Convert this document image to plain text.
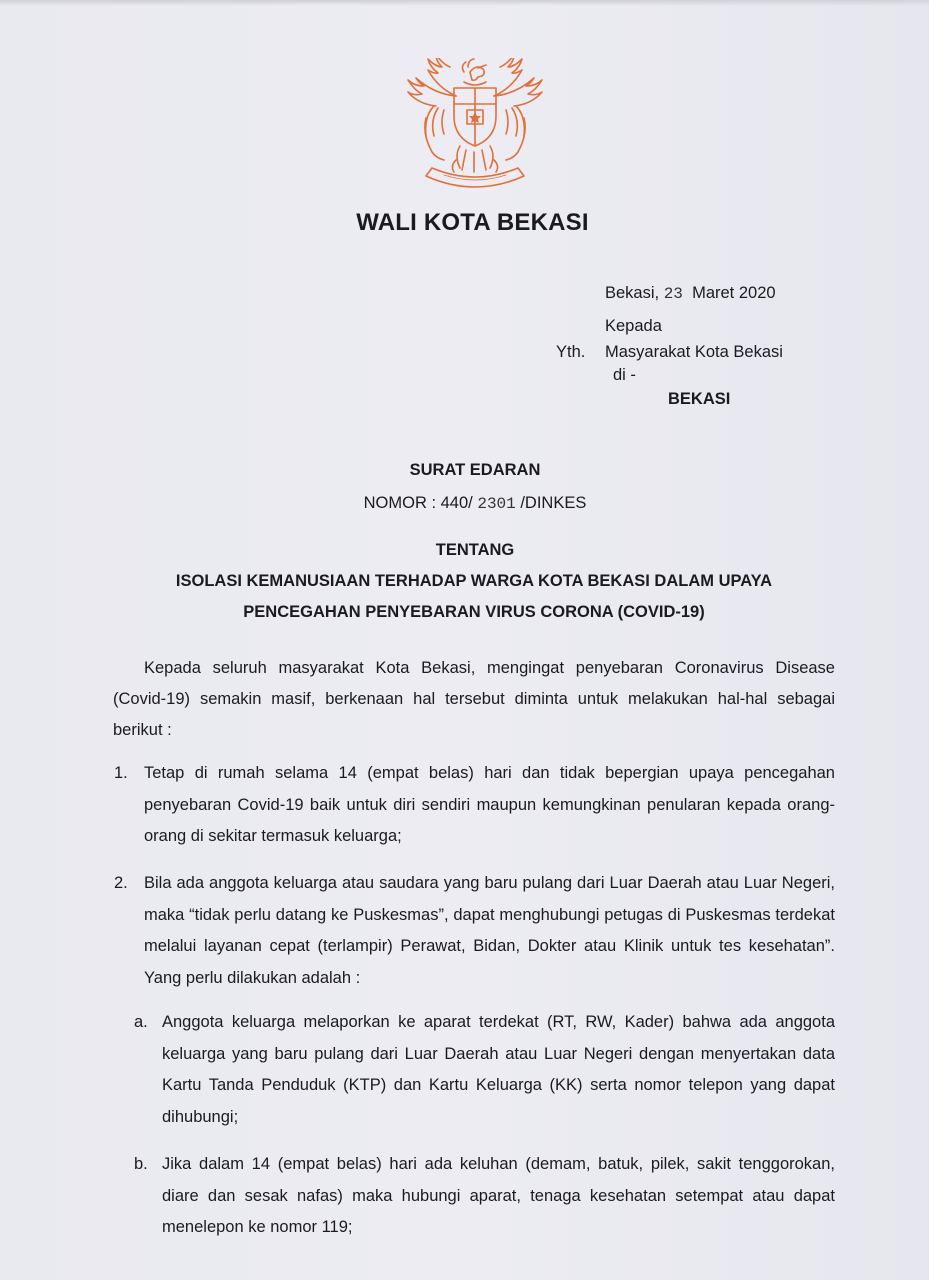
WALI KOTA BEKASI
Bekasi, 23 Maret 2020
Kepada
Yth. Masyarakat Kota Bekasi
di -
BEKASI
SURAT EDARAN
NOMOR : 440/ 2301 /DINKES
TENTANG
ISOLASI KEMANUSIAAN TERHADAP WARGA KOTA BEKASI DALAM UPAYA
PENCEGAHAN PENYEBARAN VIRUS CORONA (COVID-19)

Kepada seluruh masyarakat Kota Bekasi, mengingat penyebaran Coronavirus Disease (Covid-19) semakin masif, berkenaan hal tersebut diminta untuk melakukan hal-hal sebagai berikut :

1. Tetap di rumah selama 14 (empat belas) hari dan tidak bepergian upaya pencegahan penyebaran Covid-19 baik untuk diri sendiri maupun kemungkinan penularan kepada orang-orang di sekitar termasuk keluarga;

2. Bila ada anggota keluarga atau saudara yang baru pulang dari Luar Daerah atau Luar Negeri, maka “tidak perlu datang ke Puskesmas”, dapat menghubungi petugas di Puskesmas terdekat melalui layanan cepat (terlampir) Perawat, Bidan, Dokter atau Klinik untuk tes kesehatan”. Yang perlu dilakukan adalah :

a. Anggota keluarga melaporkan ke aparat terdekat (RT, RW, Kader) bahwa ada anggota keluarga yang baru pulang dari Luar Daerah atau Luar Negeri dengan menyertakan data Kartu Tanda Penduduk (KTP) dan Kartu Keluarga (KK) serta nomor telepon yang dapat dihubungi;

b. Jika dalam 14 (empat belas) hari ada keluhan (demam, batuk, pilek, sakit tenggorokan, diare dan sesak nafas) maka hubungi aparat, tenaga kesehatan setempat atau dapat menelepon ke nomor 119;
